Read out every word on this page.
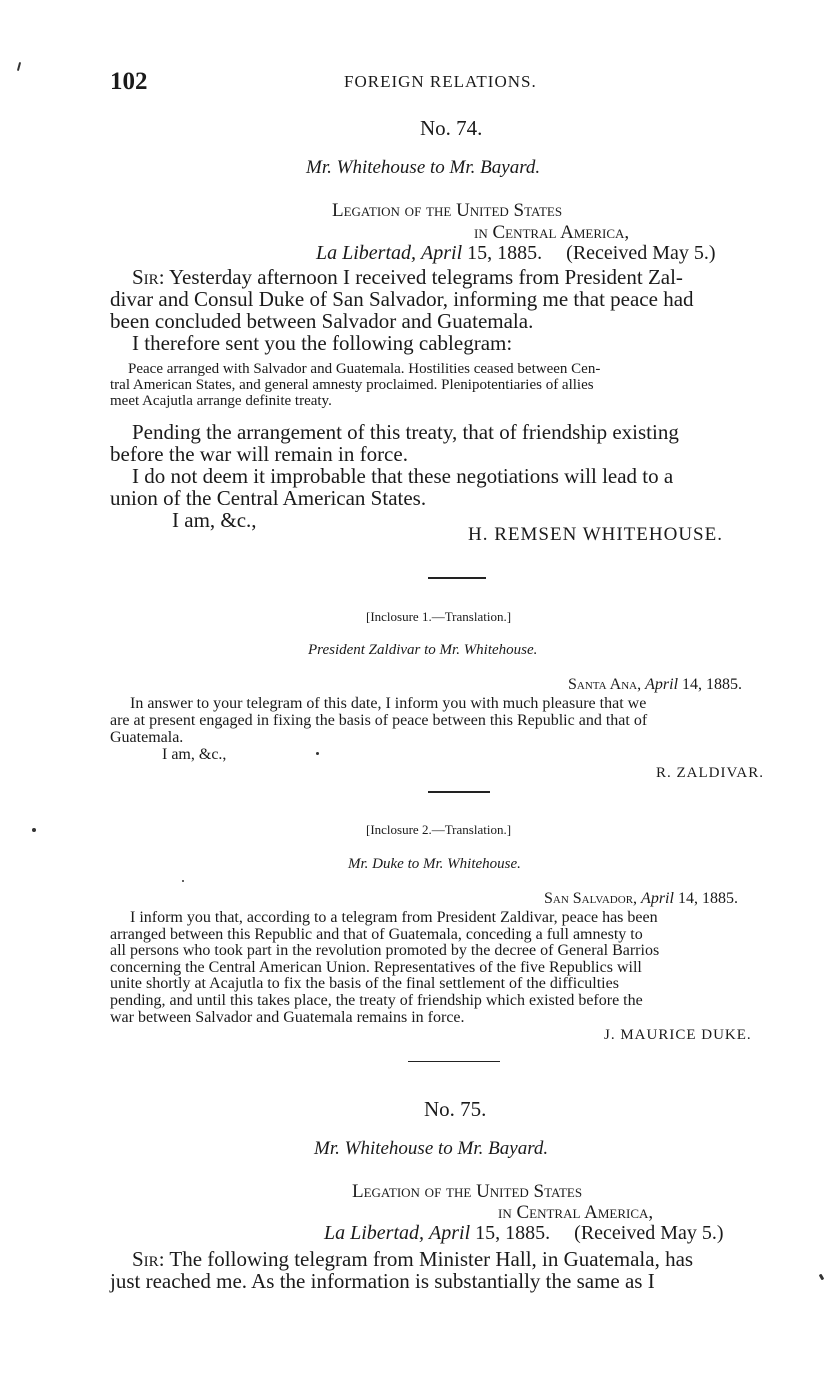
102	FOREIGN RELATIONS.
No. 74.
Mr. Whitehouse to Mr. Bayard.
Legation of the United States
in Central America,
La Libertad, April 15, 1885. (Received May 5.)
Sir: Yesterday afternoon I received telegrams from President Zal-
divar and Consul Duke of San Salvador, informing me that peace had
been concluded between Salvador and Guatemala.
I therefore sent you the following cablegram:
Peace arranged with Salvador and Guatemala. Hostilities ceased between Cen-
tral American States, and general amnesty proclaimed. Plenipotentiaries of allies
meet Acajutla arrange definite treaty.
Pending the arrangement of this treaty, that of friendship existing
before the war will remain in force.
I do not deem it improbable that these negotiations will lead to a
union of the Central American States.
I am, &c.,
H. REMSEN WHITEHOUSE.
[Inclosure 1.—Translation.]
President Zaldivar to Mr. Whitehouse.
Santa Ana, April 14, 1885.
In answer to your telegram of this date, I inform you with much pleasure that we
are at present engaged in fixing the basis of peace between this Republic and that of
Guatemala.
I am, &c.,
R. ZALDIVAR.
[Inclosure 2.—Translation.]
Mr. Duke to Mr. Whitehouse.
San Salvador, April 14, 1885.
I inform you that, according to a telegram from President Zaldivar, peace has been
arranged between this Republic and that of Guatemala, conceding a full amnesty to
all persons who took part in the revolution promoted by the decree of General Barrios
concerning the Central American Union. Representatives of the five Republics will
unite shortly at Acajutla to fix the basis of the final settlement of the difficulties
pending, and until this takes place, the treaty of friendship which existed before the
war between Salvador and Guatemala remains in force.
J. MAURICE DUKE.
No. 75.
Mr. Whitehouse to Mr. Bayard.
Legation of the United States
in Central America,
La Libertad, April 15, 1885. (Received May 5.)
Sir: The following telegram from Minister Hall, in Guatemala, has
just reached me. As the information is substantially the same as I
